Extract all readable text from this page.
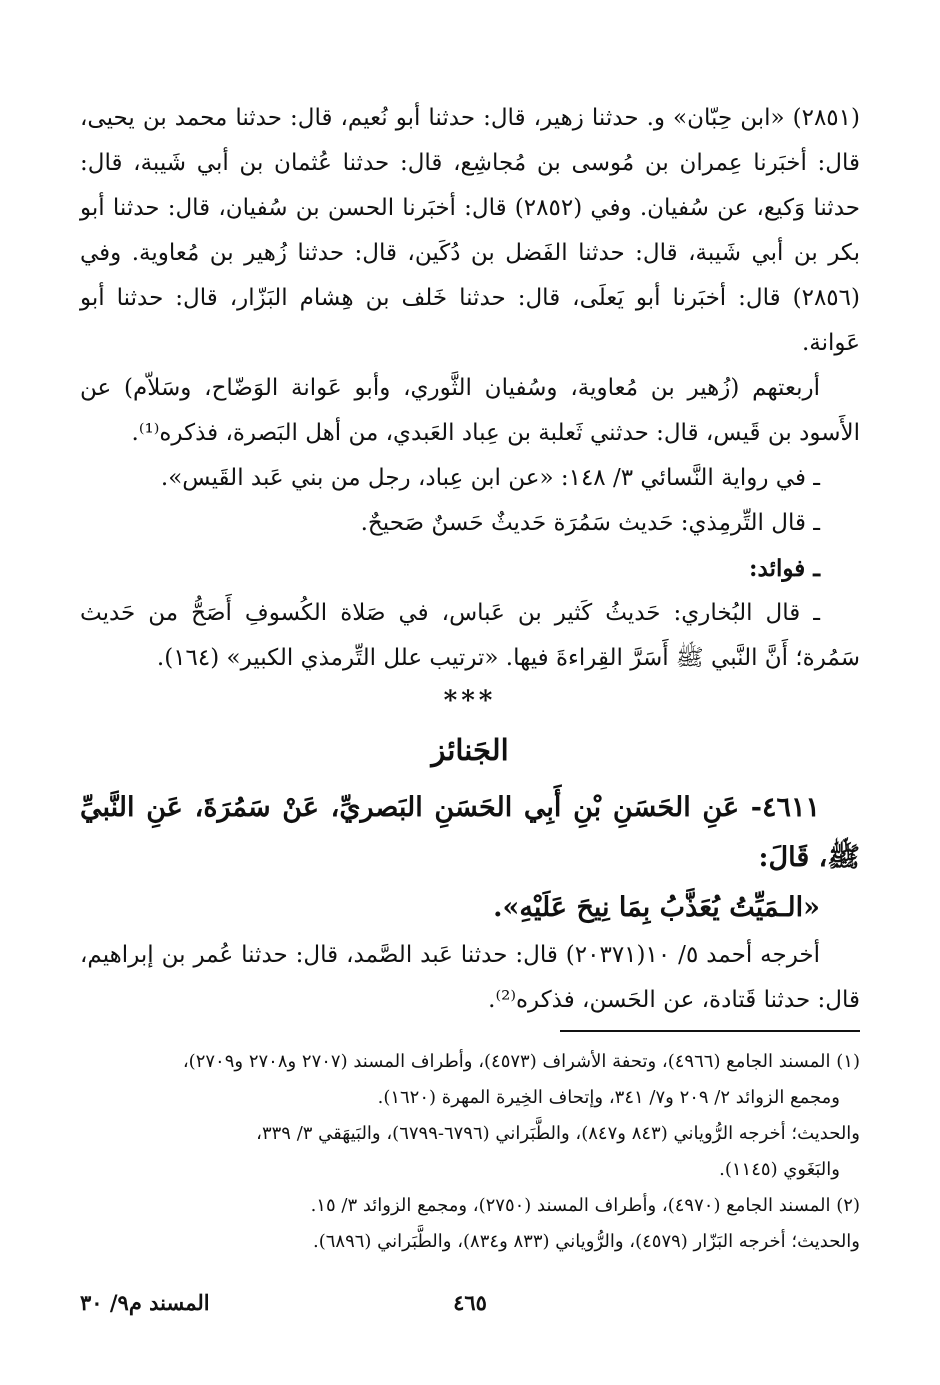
(٢٨٥١) «ابن حِبّان» و. حدثنا زهير، قال: حدثنا أبو نُعيم، قال: حدثنا محمد بن يحيى، قال: أخبَرنا عِمران بن مُوسى بن مُجاشِع، قال: حدثنا عُثمان بن أبي شَيبة، قال: حدثنا وَكيع، عن سُفيان. وفي (٢٨٥٢) قال: أخبَرنا الحسن بن سُفيان، قال: حدثنا أبو بكر بن أبي شَيبة، قال: حدثنا الفَضل بن دُكَين، قال: حدثنا زُهير بن مُعاوية. وفي (٢٨٥٦) قال: أخبَرنا أبو يَعلَى، قال: حدثنا خَلف بن هِشام البَزّار، قال: حدثنا أبو عَوانة.

أربعتهم (زُهير بن مُعاوية، وسُفيان الثَّوري، وأبو عَوانة الوَضّاح، وسَلاّم) عن الأَسود بن قَيس، قال: حدثني ثَعلبة بن عِباد العَبدي، من أهل البَصرة، فذكره⁽¹⁾.

ـ في رواية النَّسائي ٣/ ١٤٨: «عن ابن عِباد، رجل من بني عَبد القَيس».

ـ قال التِّرمِذي: حَديث سَمُرَة حَديثٌ حَسنٌ صَحيحٌ.

ـ فوائد:

ـ قال البُخاري: حَديثُ كَثير بن عَباس، في صَلاة الكُسوفِ أَصَحُّ من حَديث سَمُرة؛ أَنَّ النَّبي ﷺ أَسَرَّ القِراءةَ فيها. «ترتيب علل التِّرمذي الكبير» (١٦٤).

***

الجَنائز

٤٦١١- عَنِ الحَسَنِ بْنِ أَبِي الحَسَنِ البَصريِّ، عَنْ سَمُرَةَ، عَنِ النَّبيِّ ﷺ، قَالَ:

«الـمَيِّتُ يُعَذَّبُ بِمَا نِيحَ عَلَيْهِ».

أخرجه أحمد ٥/ ١٠(٢٠٣٧١) قال: حدثنا عَبد الصَّمد، قال: حدثنا عُمر بن إبراهيم، قال: حدثنا قَتادة، عن الحَسن، فذكره⁽²⁾.

(١) المسند الجامع (٤٩٦٦)، وتحفة الأشراف (٤٥٧٣)، وأطراف المسند (٢٧٠٧ و٢٧٠٨ و٢٧٠٩)،

ومجمع الزوائد ٢/ ٢٠٩ و٧/ ٣٤١، وإتحاف الخِيرة المهرة (١٦٢٠).

والحديث؛ أخرجه الرُّوياني (٨٤٣ و٨٤٧)، والطَّبَراني (٦٧٩٦-٦٧٩٩)، والبَيهَقي ٣/ ٣٣٩،

والبَغَوي (١١٤٥).

(٢) المسند الجامع (٤٩٧٠)، وأطراف المسند (٢٧٥٠)، ومجمع الزوائد ٣/ ١٥.

والحديث؛ أخرجه البَزّار (٤٥٧٩)، والرُّوياني (٨٣٣ و٨٣٤)، والطَّبَراني (٦٨٩٦).

٤٦٥
المسند م٩/ ٣٠
